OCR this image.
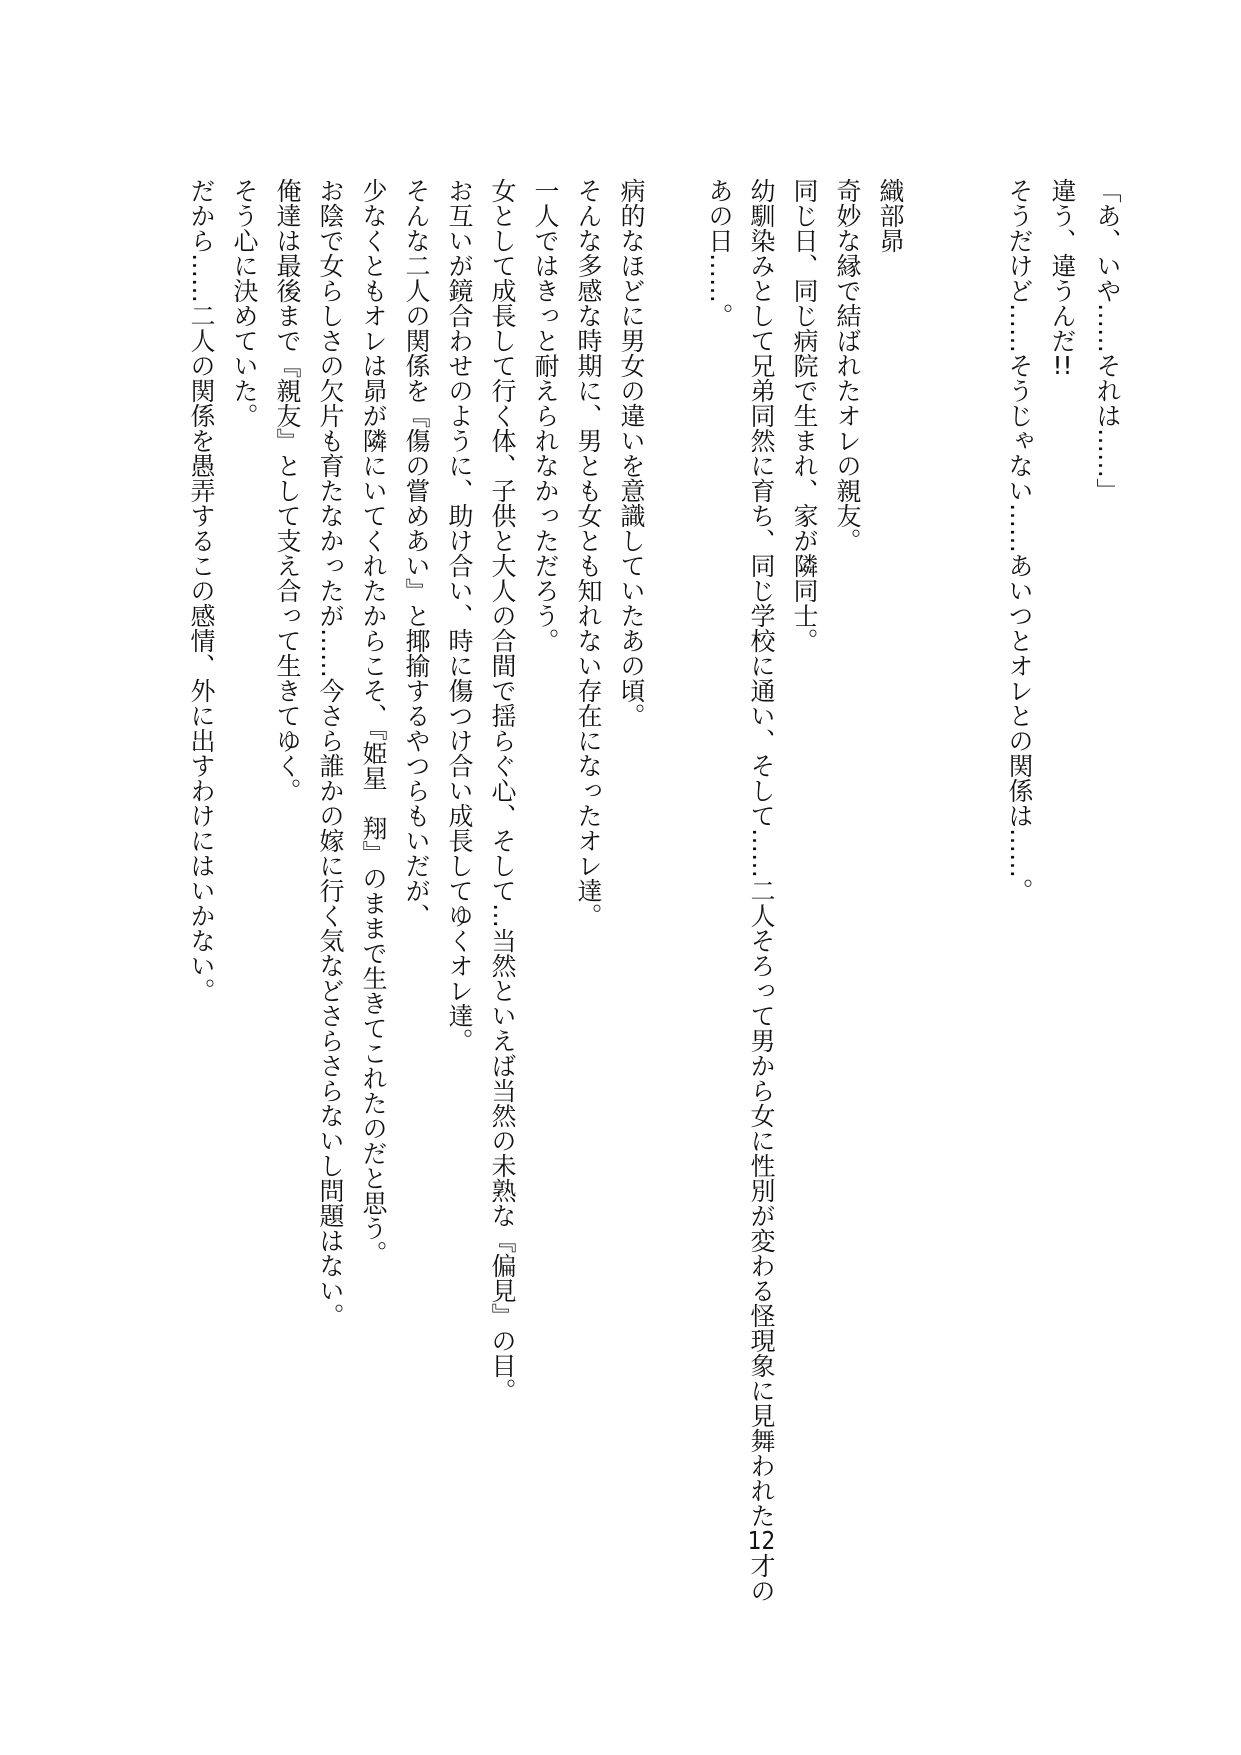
「あ、いや……それは……」
違う、違うんだ!!
そうだけど……そうじゃない……あいつとオレとの関係は……。
織部昴
奇妙な縁で結ばれたオレの親友。
同じ日、同じ病院で生まれ、家が隣同士。
幼馴染みとして兄弟同然に育ち、同じ学校に通い、そして……二人そろって男から女に性別が変わる怪現象に見舞われた12才の
あの日……。
病的なほどに男女の違いを意識していたあの頃。
そんな多感な時期に、男とも女とも知れない存在になったオレ達。
一人ではきっと耐えられなかっただろう。
女として成長して行く体、子供と大人の合間で揺らぐ心、そして…当然といえば当然の未熟な『偏見』の目。
お互いが鏡合わせのように、助け合い、時に傷つけ合い成長してゆくオレ達。
そんな二人の関係を『傷の嘗めあい』と揶揄するやつらもいだが、
少なくともオレは昴が隣にいてくれたからこそ、『姫星　翔』のままで生きてこれたのだと思う。
お陰で女らしさの欠片も育たなかったが……今さら誰かの嫁に行く気などさらさらないし問題はない。
俺達は最後まで『親友』として支え合って生きてゆく。
そう心に決めていた。
だから……二人の関係を愚弄するこの感情、外に出すわけにはいかない。
